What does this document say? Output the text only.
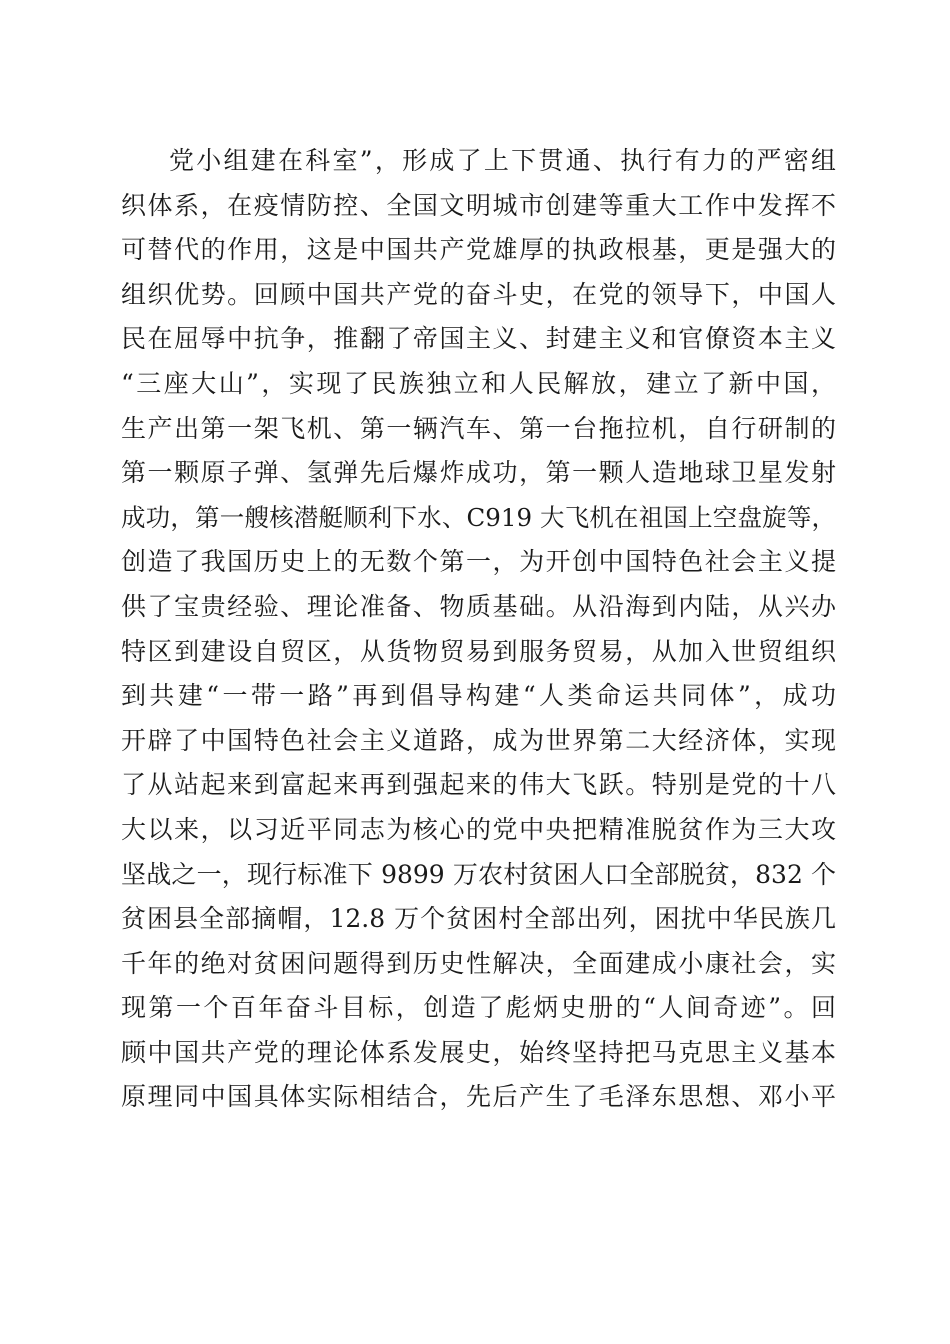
党小组建在科室”，形成了上下贯通、执行有力的严密组
织体系，在疫情防控、全国文明城市创建等重大工作中发挥不
可替代的作用，这是中国共产党雄厚的执政根基，更是强大的
组织优势。回顾中国共产党的奋斗史，在党的领导下，中国人
民在屈辱中抗争，推翻了帝国主义、封建主义和官僚资本主义
“三座大山”，实现了民族独立和人民解放，建立了新中国，
生产出第一架飞机、第一辆汽车、第一台拖拉机，自行研制的
第一颗原子弹、氢弹先后爆炸成功，第一颗人造地球卫星发射
成功，第一艘核潜艇顺利下水、C919 大飞机在祖国上空盘旋等，
创造了我国历史上的无数个第一，为开创中国特色社会主义提
供了宝贵经验、理论准备、物质基础。从沿海到内陆，从兴办
特区到建设自贸区，从货物贸易到服务贸易，从加入世贸组织
到共建“一带一路”再到倡导构建“人类命运共同体”，成功
开辟了中国特色社会主义道路，成为世界第二大经济体，实现
了从站起来到富起来再到强起来的伟大飞跃。特别是党的十八
大以来，以习近平同志为核心的党中央把精准脱贫作为三大攻
坚战之一，现行标准下 9899 万农村贫困人口全部脱贫，832 个
贫困县全部摘帽，12.8 万个贫困村全部出列，困扰中华民族几
千年的绝对贫困问题得到历史性解决，全面建成小康社会，实
现第一个百年奋斗目标，创造了彪炳史册的“人间奇迹”。回
顾中国共产党的理论体系发展史，始终坚持把马克思主义基本
原理同中国具体实际相结合，先后产生了毛泽东思想、邓小平
